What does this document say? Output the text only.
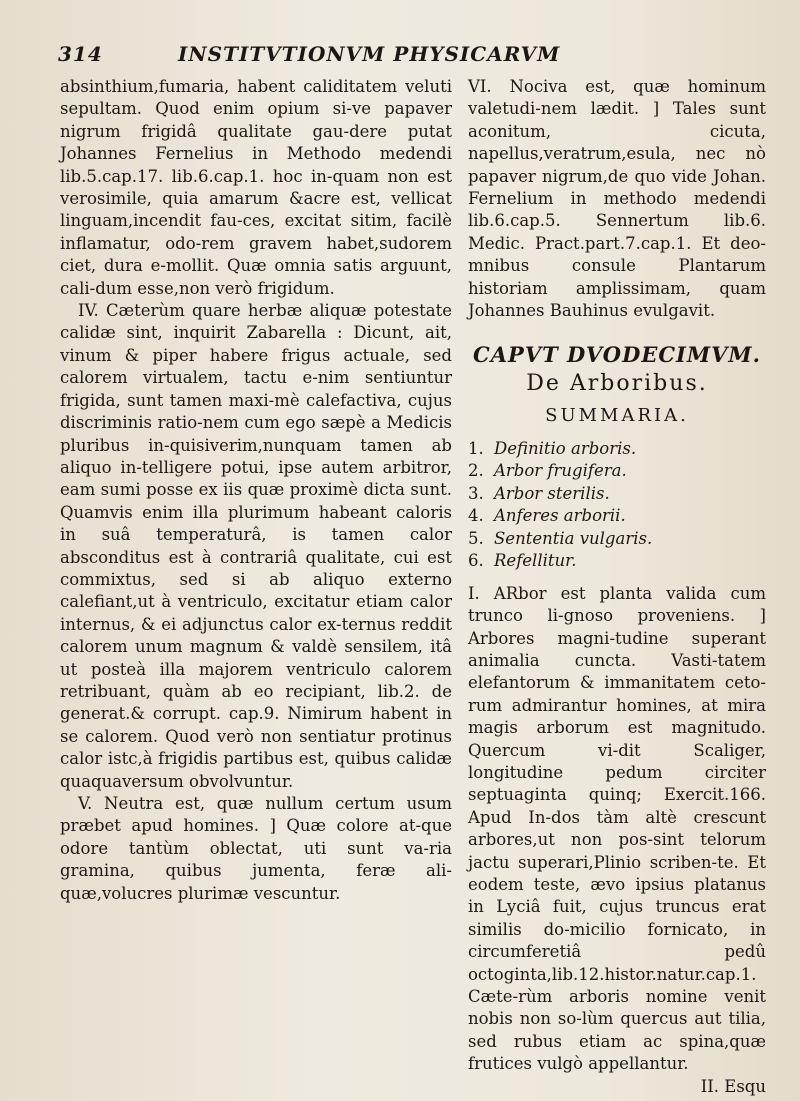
314	INSTITVTIONVM PHYSICARVM

absinthium,fumaria, habent caliditatem veluti sepultam. Quod enim opium si-ve papaver nigrum frigidâ qualitate gau-dere putat Johannes Fernelius in Methodo medendi lib.5.cap.17. lib.6.cap.1. hoc in-quam non est verosimile, quia amarum &acre est, vellicat linguam,incendit fau-ces, excitat sitim, facilè inflamatur, odo-rem gravem habet,sudorem ciet, dura e-mollit. Quæ omnia satis arguunt, cali-dum esse,non verò frigidum.

IV. Cæterùm quare herbæ aliquæ potestate calidæ sint, inquirit Zabarella : Dicunt, ait, vinum & piper habere frigus actuale, sed calorem virtualem, tactu e-nim sentiuntur frigida, sunt tamen maxi-mè calefactiva, cujus discriminis ratio-nem cum ego sæpè a Medicis pluribus in-quisiverim,nunquam tamen ab aliquo in-telligere potui, ipse autem arbitror, eam sumi posse ex iis quæ proximè dicta sunt. Quamvis enim illa plurimum habeant caloris in suâ temperaturâ, is tamen calor absconditus est à contrariâ qualitate, cui est commixtus, sed si ab aliquo externo calefiant,ut à ventriculo, excitatur etiam calor internus, & ei adjunctus calor ex-ternus reddit calorem unum magnum & valdè sensilem, itâ ut posteà illa majorem ventriculo calorem retribuant, quàm ab eo recipiant, lib.2. de generat.& corrupt. cap.9. Nimirum habent in se calorem. Quod verò non sentiatur protinus calor istc,à frigidis partibus est, quibus calidæ quaquaversum obvolvuntur.

V. Neutra est, quæ nullum certum usum præbet apud homines. ] Quæ colore at-que odore tantùm oblectat, uti sunt va-ria gramina, quibus jumenta, feræ ali-quæ,volucres plurimæ vescuntur.

VI. Nociva est, quæ hominum valetudi-nem lædit. ] Tales sunt aconitum, cicuta, napellus,veratrum,esula, nec nò papaver nigrum,de quo vide Johan. Fernelium in methodo medendi lib.6.cap.5. Sennertum lib.6. Medic. Pract.part.7.cap.1. Et deo-mnibus consule Plantarum historiam amplissimam, quam Johannes Bauhinus evulgavit.

CAPVT DVODECIMVM.
De Arboribus.
SUMMARIA.
1. Definitio arboris.
2. Arbor frugifera.
3. Arbor sterilis.
4. Anferes arborii.
5. Sententia vulgaris.
6. Refellitur.

I. ARbor est planta valida cum trunco li-gnoso proveniens. ] Arbores magni-tudine superant animalia cuncta. Vasti-tatem elefantorum & immanitatem ceto-rum admirantur homines, at mira magis arborum est magnitudo. Quercum vi-dit Scaliger, longitudine pedum circiter septuaginta quinq; Exercit.166. Apud In-dos tàm altè crescunt arbores,ut non pos-sint telorum jactu superari,Plinio scriben-te. Et eodem teste, ævo ipsius platanus in Lyciâ fuit, cujus truncus erat similis do-micilio fornicato, in circumferetiâ pedû octoginta,lib.12.histor.natur.cap.1. Cæte-rùm arboris nomine venit nobis non so-lùm quercus aut tilia, sed rubus etiam ac spina,quæ frutices vulgò appellantur.

II. Esqu
